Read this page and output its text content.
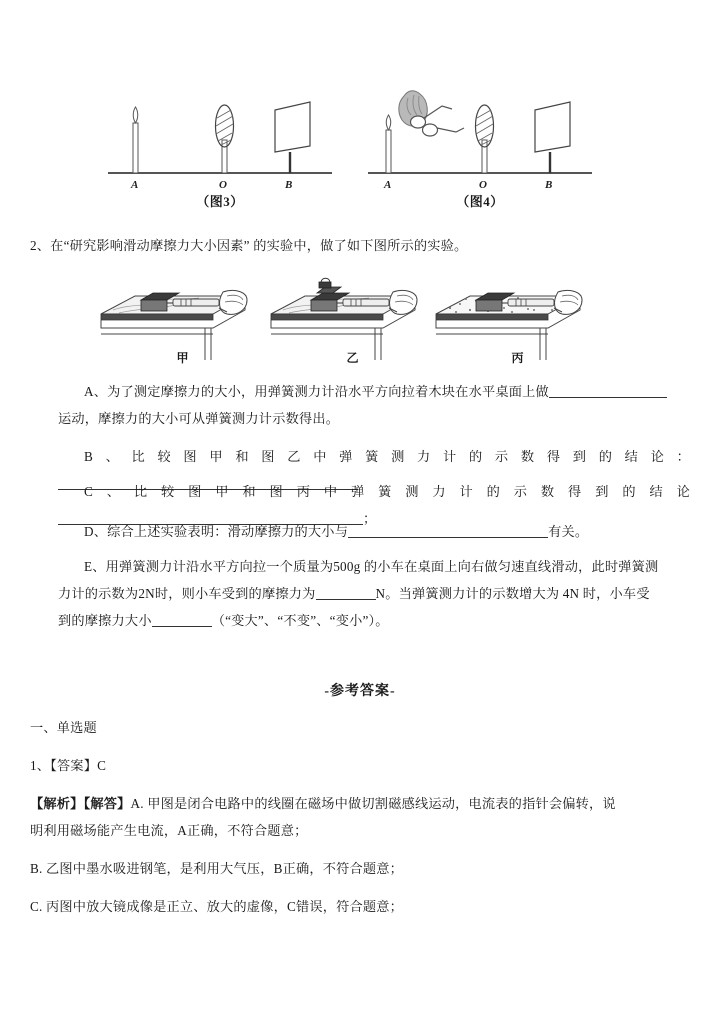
A	O	B
（图3）
A	O	B
（图4）
2、在“研究影响滑动摩擦力大小因素” 的实验中，做了如下图所示的实验。
甲	乙	丙
A、为了测定摩擦力的大小，用弹簧测力计沿水平方向拉着木块在水平桌面上做
运动，摩擦力的大小可从弹簧测力计示数得出。
B、比较图甲和图乙中弹簧测力计的示数得到的结论：
C、比较图甲和图丙中弹簧测力计的示数得到的结论；
D、综合上述实验表明：滑动摩擦力的大小与	有关。
E、用弹簧测力计沿水平方向拉一个质量为500g 的小车在桌面上向右做匀速直线滑动，此时弹簧测
力计的示数为2N时，则小车受到的摩擦力为	N。当弹簧测力计的示数增大为 4N 时，小车受
到的摩擦力大小	（“变大”、“不变”、“变小”）。
-参考答案-
一、单选题
1、【答案】C
【解析】【解答】A. 甲图是闭合电路中的线圈在磁场中做切割磁感线运动，电流表的指针会偏转，说
明利用磁场能产生电流，A正确，不符合题意；
B. 乙图中墨水吸进钢笔，是利用大气压，B正确，不符合题意；
C. 丙图中放大镜成像是正立、放大的虚像，C错误，符合题意；
